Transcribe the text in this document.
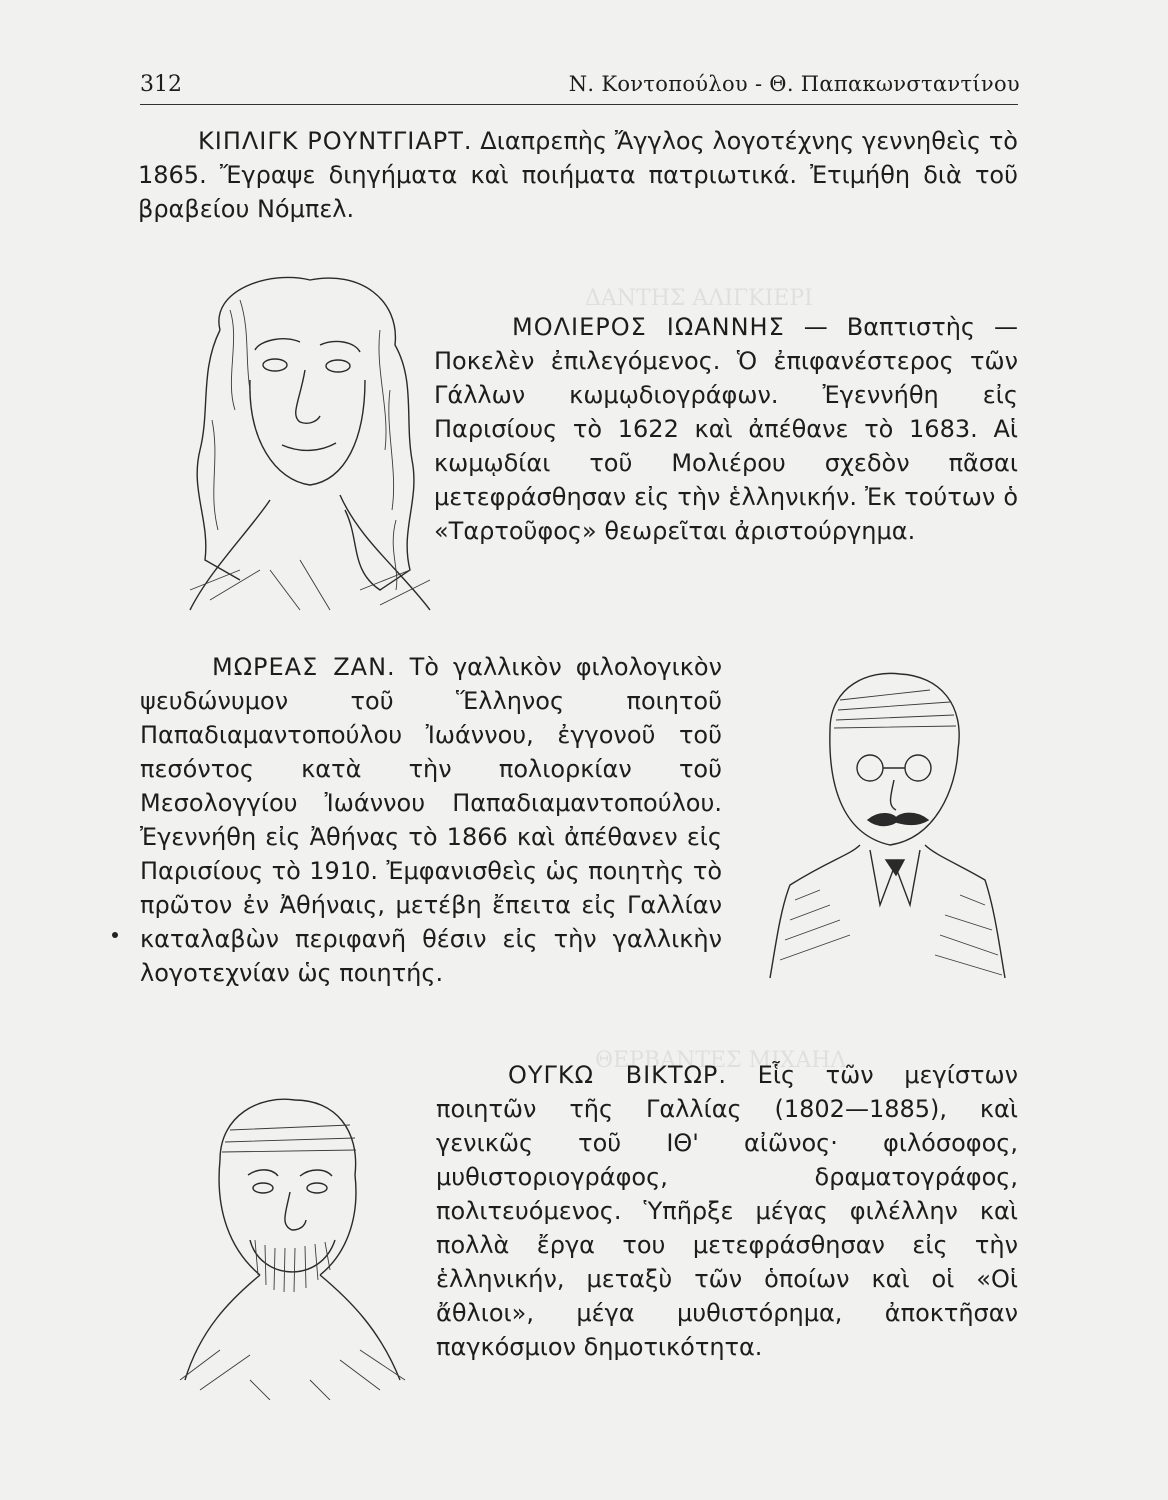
ΔΑΝΤΗΣ ΑΛΙΓΚΙΕΡΙ
ΘΕΡΒΑΝΤΕΣ ΜΙΧΑΗΛ
312	Ν. Κοντοπούλου - Θ. Παπακωνσταντίνου

ΚΙΠΛΙΓΚ ΡΟΥΝΤΓΙΑΡΤ. Διαπρεπὴς Ἄγγλος λογοτέχνης γεννηθεὶς τὸ 1865. Ἔγραψε διηγήματα καὶ ποιήματα πατριωτικά. Ἐτιμήθη διὰ τοῦ βραβείου Νόμπελ.

ΜΟΛΙΕΡΟΣ ΙΩΑΝΝΗΣ — Βαπτιστὴς — Ποκελὲν ἐπιλεγόμενος. Ὁ ἐπιφανέστερος τῶν Γάλλων κωμῳδιογράφων. Ἐγεννήθη εἰς Παρισίους τὸ 1622 καὶ ἀπέθανε τὸ 1683. Αἱ κωμῳδίαι τοῦ Μολιέρου σχεδὸν πᾶσαι μετεφράσθησαν εἰς τὴν ἑλληνικήν. Ἐκ τούτων ὁ «Ταρτοῦφος» θεωρεῖται ἀριστούργημα.

ΜΩΡΕΑΣ ΖΑΝ. Τὸ γαλλικὸν φιλολογικὸν ψευδώνυμον τοῦ Ἕλληνος ποιητοῦ Παπαδιαμαντοπούλου Ἰωάννου, ἐγγονοῦ τοῦ πεσόντος κατὰ τὴν πολιορκίαν τοῦ Μεσολογγίου Ἰωάννου Παπαδιαμαντοπούλου. Ἐγεννήθη εἰς Ἀθήνας τὸ 1866 καὶ ἀπέθανεν εἰς Παρισίους τὸ 1910. Ἐμφανισθεὶς ὡς ποιητὴς τὸ πρῶτον ἐν Ἀθήναις, μετέβη ἔπειτα εἰς Γαλλίαν καταλαβὼν περιφανῆ θέσιν εἰς τὴν γαλλικὴν λογοτεχνίαν ὡς ποιητής.

ΟΥΓΚΩ ΒΙΚΤΩΡ. Εἷς τῶν μεγίστων ποιητῶν τῆς Γαλλίας (1802—1885), καὶ γενικῶς τοῦ ΙΘ' αἰῶνος· φιλόσοφος, μυθιστοριογράφος, δραματογράφος, πολιτευόμενος. Ὑπῆρξε μέγας φιλέλλην καὶ πολλὰ ἔργα του μετεφράσθησαν εἰς τὴν ἑλληνικήν, μεταξὺ τῶν ὁποίων καὶ οἱ «Οἱ ἄθλιοι», μέγα μυθιστόρημα, ἀποκτῆσαν παγκόσμιον δημοτικότητα.
